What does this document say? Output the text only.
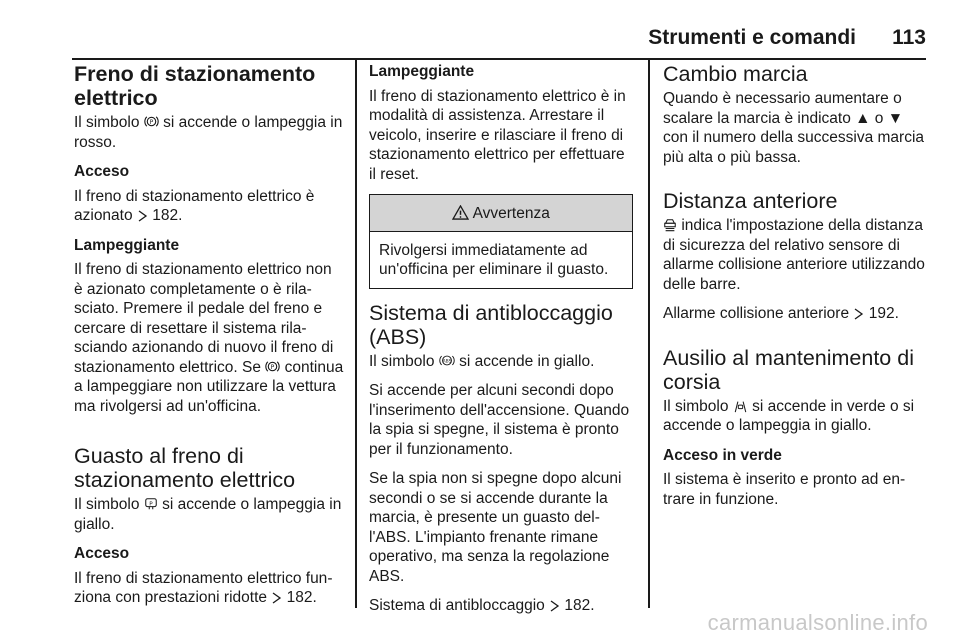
Strumenti e comandi 113
Freno di stazionamento elettrico

Il simbolo P si accende o lampeggia in rosso.

Acceso

Il freno di stazionamento elettrico è azionato 182.

Lampeggiante

Il freno di stazionamento elettrico non è azionato completamente o è rilasciato. Premere il pedale del freno e cercare di resettare il sistema rilasciando azionando di nuovo il freno di stazionamento elettrico. Se P continua a lampeggiare non utilizzare la vettura ma rivolgersi ad un'officina.

Guasto al freno di stazionamento elettrico

Il simbolo P si accende o lampeggia in giallo.

Acceso

Il freno di stazionamento elettrico funziona con prestazioni ridotte 182.

Lampeggiante

Il freno di stazionamento elettrico è in modalità di assistenza. Arrestare il veicolo, inserire e rilasciare il freno di stazionamento elettrico per effettuare il reset.

Avvertenza
Rivolgersi immediatamente ad un'officina per eliminare il guasto.
Sistema di antibloccaggio (ABS)

Il simbolo ABS si accende in giallo.

Si accende per alcuni secondi dopo l'inserimento dell'accensione. Quando la spia si spegne, il sistema è pronto per il funzionamento.

Se la spia non si spegne dopo alcuni secondi o se si accende durante la marcia, è presente un guasto dell'ABS. L'impianto frenante rimane operativo, ma senza la regolazione ABS.

Sistema di antibloccaggio 182.

Cambio marcia

Quando è necessario aumentare o scalare la marcia è indicato ▲ o ▼ con il numero della successiva marcia più alta o più bassa.

Distanza anteriore

indica l'impostazione della distanza di sicurezza del relativo sensore di allarme collisione anteriore utilizzando delle barre.

Allarme collisione anteriore 192.

Ausilio al mantenimento di corsia

Il simbolo si accende in verde o si accende o lampeggia in giallo.

Acceso in verde

Il sistema è inserito e pronto ad entrare in funzione.

carmanualsonline.info
